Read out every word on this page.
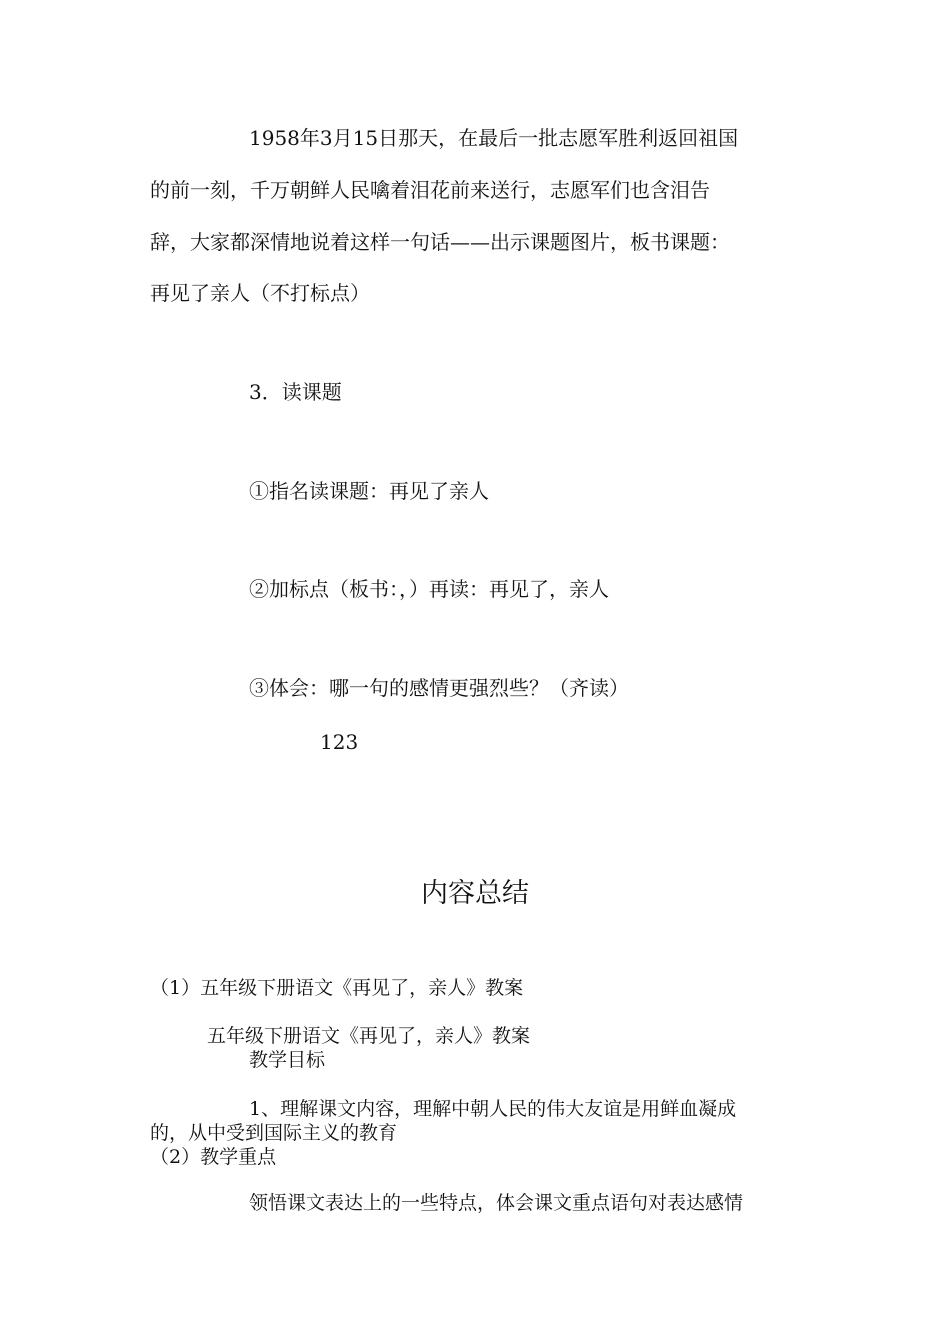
1958年3月15日那天，在最后一批志愿军胜利返回祖国
的前一刻，千万朝鲜人民噙着泪花前来送行，志愿军们也含泪告
辞，大家都深情地说着这样一句话——出示课题图片，板书课题：
再见了亲人（不打标点）
3．读课题
①指名读课题：再见了亲人
②加标点（板书：，）再读：再见了，亲人
③体会：哪一句的感情更强烈些？（齐读）
123
内容总结
（1）五年级下册语文《再见了，亲人》教案
五年级下册语文《再见了，亲人》教案
教学目标
1、理解课文内容，理解中朝人民的伟大友谊是用鲜血凝成
的，从中受到国际主义的教育
（2）教学重点
领悟课文表达上的一些特点，体会课文重点语句对表达感情
